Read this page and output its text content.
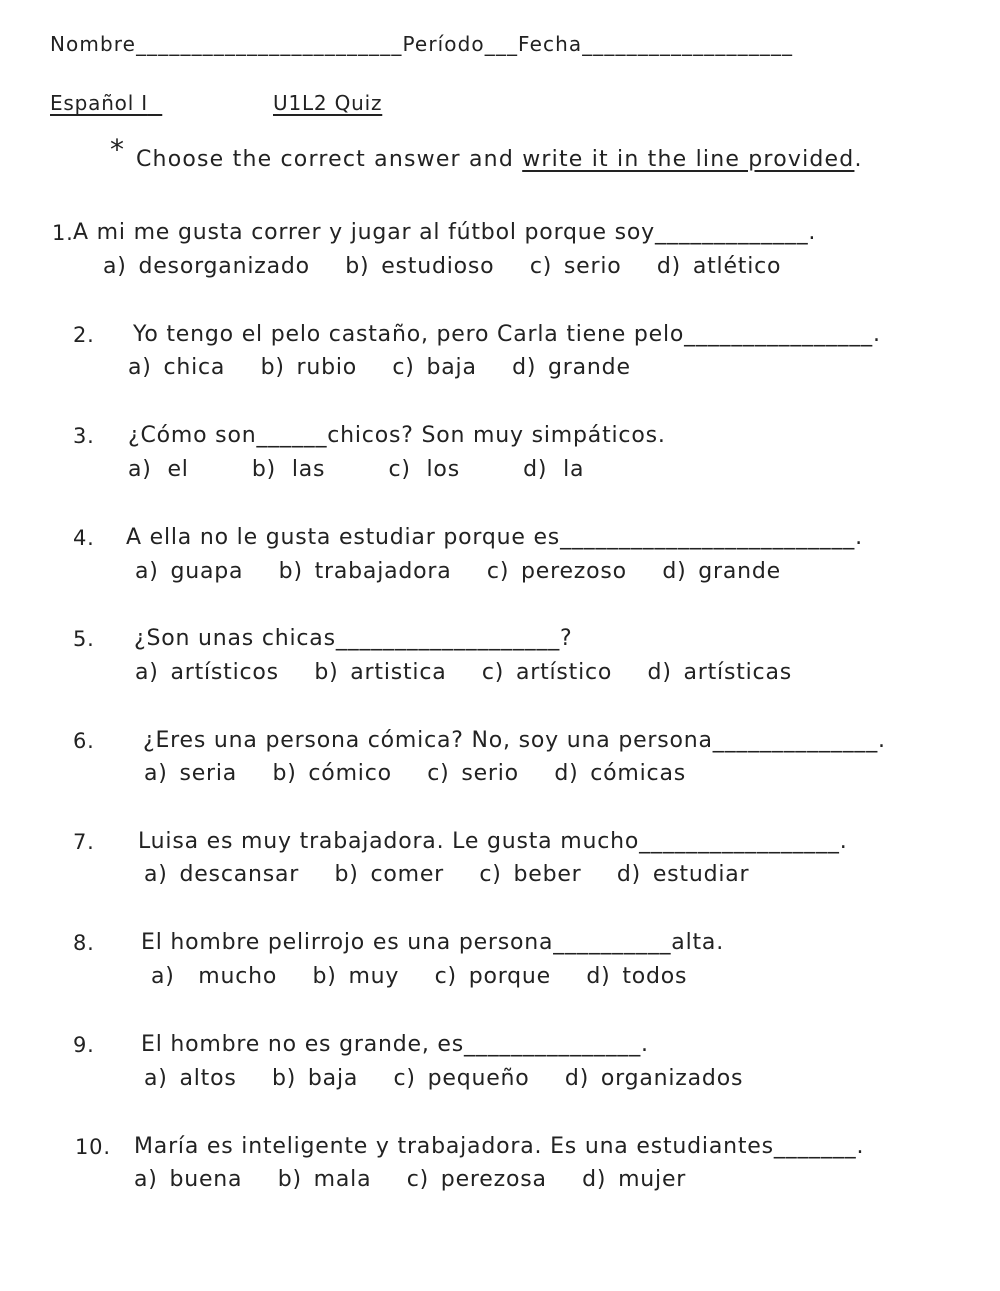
Nombre________________________Período___Fecha___________________
Español I	U1L2 Quiz
* Choose the correct answer and write it in the line provided.
1. A mi me gusta correr y jugar al fútbol porque soy_____________.
a) desorganizado   b) estudioso   c) serio   d) atlético
2. Yo tengo el pelo castaño, pero Carla tiene pelo________________.
a) chica   b) rubio   c) baja   d) grande
3. ¿Cómo son______chicos? Son muy simpáticos.
a) el    b) las    c) los    d) la
4. A ella no le gusta estudiar porque es_________________________.
a) guapa   b) trabajadora   c) perezoso   d) grande
5. ¿Son unas chicas___________________?
a) artísticos   b) artistica   c) artístico   d) artísticas
6. ¿Eres una persona cómica? No, soy una persona______________.
a) seria   b) cómico   c) serio   d) cómicas
7. Luisa es muy trabajadora. Le gusta mucho_________________.
a) descansar   b) comer   c) beber   d) estudiar
8. El hombre pelirrojo es una persona__________alta.
a)  mucho   b) muy   c) porque   d) todos
9. El hombre no es grande, es_______________.
a) altos   b) baja   c) pequeño   d) organizados
10. María es inteligente y trabajadora. Es una estudiantes_______.
a) buena   b) mala   c) perezosa   d) mujer
